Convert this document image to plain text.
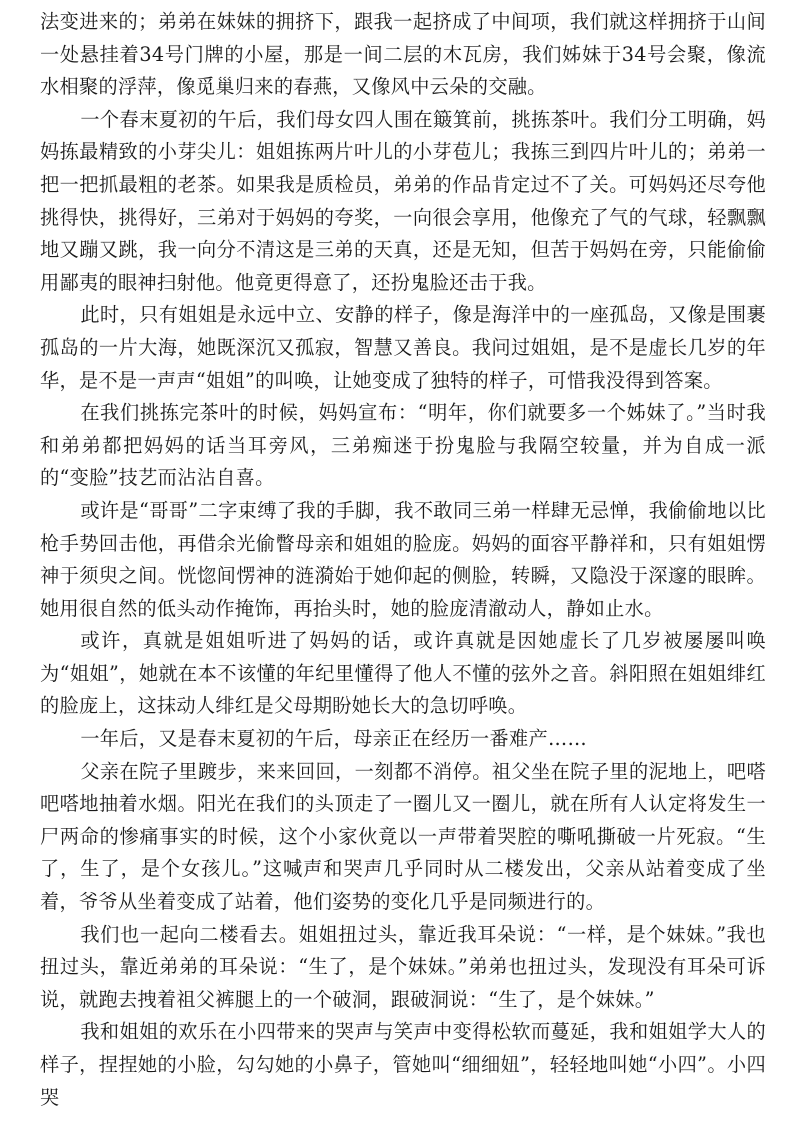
法变进来的；弟弟在妹妹的拥挤下，跟我一起挤成了中间项，我们就这样拥挤于山间一处悬挂着34号门牌的小屋，那是一间二层的木瓦房，我们姊妹于34号会聚，像流水相聚的浮萍，像觅巢归来的春燕，又像风中云朵的交融。

一个春末夏初的午后，我们母女四人围在簸箕前，挑拣茶叶。我们分工明确，妈妈拣最精致的小芽尖儿：姐姐拣两片叶儿的小芽苞儿；我拣三到四片叶儿的；弟弟一把一把抓最粗的老茶。如果我是质检员，弟弟的作品肯定过不了关。可妈妈还尽夸他挑得快，挑得好，三弟对于妈妈的夸奖，一向很会享用，他像充了气的气球，轻飘飘地又蹦又跳，我一向分不清这是三弟的天真，还是无知，但苦于妈妈在旁，只能偷偷用鄙夷的眼神扫射他。他竟更得意了，还扮鬼脸还击于我。

此时，只有姐姐是永远中立、安静的样子，像是海洋中的一座孤岛，又像是围裹孤岛的一片大海，她既深沉又孤寂，智慧又善良。我问过姐姐，是不是虚长几岁的年华，是不是一声声“姐姐”的叫唤，让她变成了独特的样子，可惜我没得到答案。

在我们挑拣完茶叶的时候，妈妈宣布：“明年，你们就要多一个姊妹了。”当时我和弟弟都把妈妈的话当耳旁风，三弟痴迷于扮鬼脸与我隔空较量，并为自成一派的“变脸”技艺而沾沾自喜。

或许是“哥哥”二字束缚了我的手脚，我不敢同三弟一样肆无忌惮，我偷偷地以比枪手势回击他，再借余光偷瞥母亲和姐姐的脸庞。妈妈的面容平静祥和，只有姐姐愣神于须臾之间。恍惚间愣神的涟漪始于她仰起的侧脸，转瞬，又隐没于深邃的眼眸。她用很自然的低头动作掩饰，再抬头时，她的脸庞清澈动人，静如止水。

或许，真就是姐姐听进了妈妈的话，或许真就是因她虚长了几岁被屡屡叫唤为“姐姐”，她就在本不该懂的年纪里懂得了他人不懂的弦外之音。斜阳照在姐姐绯红的脸庞上，这抹动人绯红是父母期盼她长大的急切呼唤。

一年后，又是春末夏初的午后，母亲正在经历一番难产……

父亲在院子里踱步，来来回回，一刻都不消停。祖父坐在院子里的泥地上，吧嗒吧嗒地抽着水烟。阳光在我们的头顶走了一圈儿又一圈儿，就在所有人认定将发生一尸两命的惨痛事实的时候，这个小家伙竟以一声带着哭腔的嘶吼撕破一片死寂。“生了，生了，是个女孩儿。”这喊声和哭声几乎同时从二楼发出，父亲从站着变成了坐着，爷爷从坐着变成了站着，他们姿势的变化几乎是同频进行的。

我们也一起向二楼看去。姐姐扭过头，靠近我耳朵说：“一样，是个妹妹。”我也扭过头，靠近弟弟的耳朵说：“生了，是个妹妹。”弟弟也扭过头，发现没有耳朵可诉说，就跑去拽着祖父裤腿上的一个破洞，跟破洞说：“生了，是个妹妹。”

我和姐姐的欢乐在小四带来的哭声与笑声中变得松软而蔓延，我和姐姐学大人的样子，捏捏她的小脸，勾勾她的小鼻子，管她叫“细细妞”，轻轻地叫她“小四”。小四哭
